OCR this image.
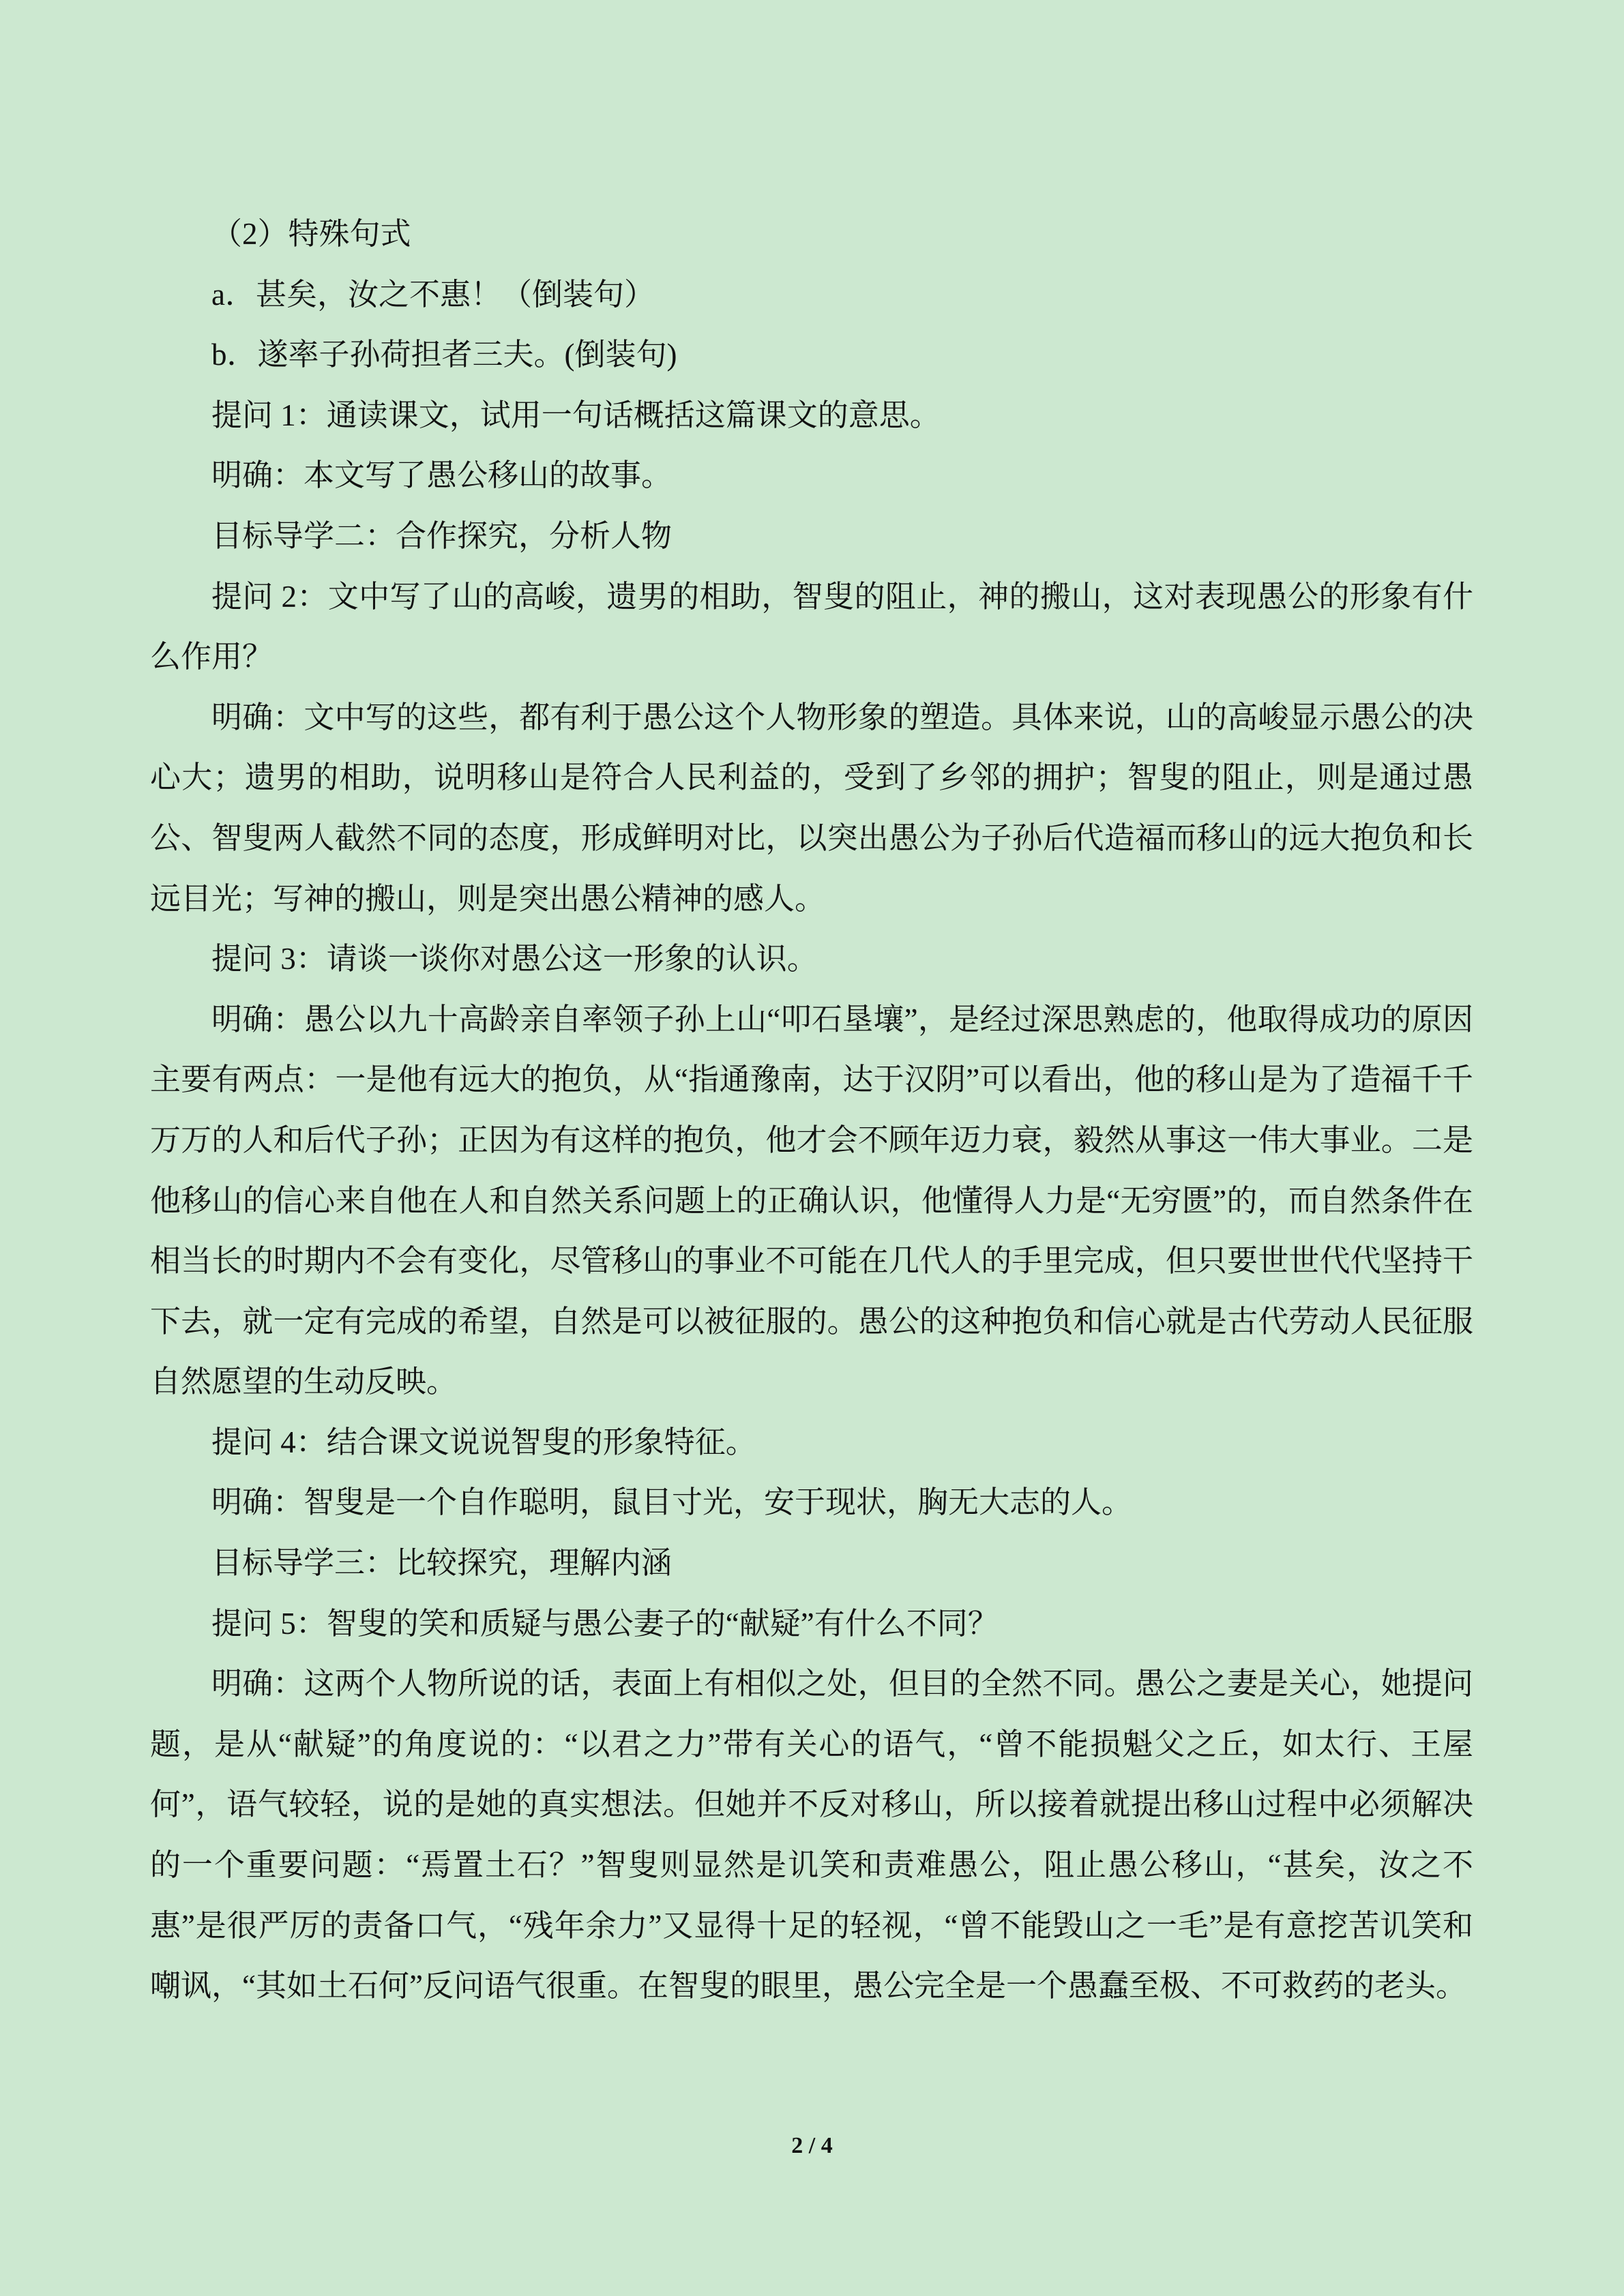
（2）特殊句式

a．甚矣，汝之不惠！（倒装句）

b．遂率子孙荷担者三夫。(倒装句)

提问 1：通读课文，试用一句话概括这篇课文的意思。

明确：本文写了愚公移山的故事。

目标导学二：合作探究，分析人物

提问 2：文中写了山的高峻，遗男的相助，智叟的阻止，神的搬山，这对表现愚公的形象有什么作用？

明确：文中写的这些，都有利于愚公这个人物形象的塑造。具体来说，山的高峻显示愚公的决心大；遗男的相助，说明移山是符合人民利益的，受到了乡邻的拥护；智叟的阻止，则是通过愚公、智叟两人截然不同的态度，形成鲜明对比，以突出愚公为子孙后代造福而移山的远大抱负和长远目光；写神的搬山，则是突出愚公精神的感人。

提问 3：请谈一谈你对愚公这一形象的认识。

明确：愚公以九十高龄亲自率领子孙上山“叩石垦壤”，是经过深思熟虑的，他取得成功的原因主要有两点：一是他有远大的抱负，从“指通豫南，达于汉阴”可以看出，他的移山是为了造福千千万万的人和后代子孙；正因为有这样的抱负，他才会不顾年迈力衰，毅然从事这一伟大事业。二是他移山的信心来自他在人和自然关系问题上的正确认识，他懂得人力是“无穷匮”的，而自然条件在相当长的时期内不会有变化，尽管移山的事业不可能在几代人的手里完成，但只要世世代代坚持干下去，就一定有完成的希望，自然是可以被征服的。愚公的这种抱负和信心就是古代劳动人民征服自然愿望的生动反映。

提问 4：结合课文说说智叟的形象特征。

明确：智叟是一个自作聪明，鼠目寸光，安于现状，胸无大志的人。

目标导学三：比较探究，理解内涵

提问 5：智叟的笑和质疑与愚公妻子的“献疑”有什么不同？

明确：这两个人物所说的话，表面上有相似之处，但目的全然不同。愚公之妻是关心，她提问题，是从“献疑”的角度说的：“以君之力”带有关心的语气，“曾不能损魁父之丘，如太行、王屋何”，语气较轻，说的是她的真实想法。但她并不反对移山，所以接着就提出移山过程中必须解决的一个重要问题：“焉置土石？”智叟则显然是讥笑和责难愚公，阻止愚公移山，“甚矣，汝之不惠”是很严厉的责备口气，“残年余力”又显得十足的轻视，“曾不能毁山之一毛”是有意挖苦讥笑和嘲讽，“其如土石何”反问语气很重。在智叟的眼里，愚公完全是一个愚蠢至极、不可救药的老头。

2 / 4
